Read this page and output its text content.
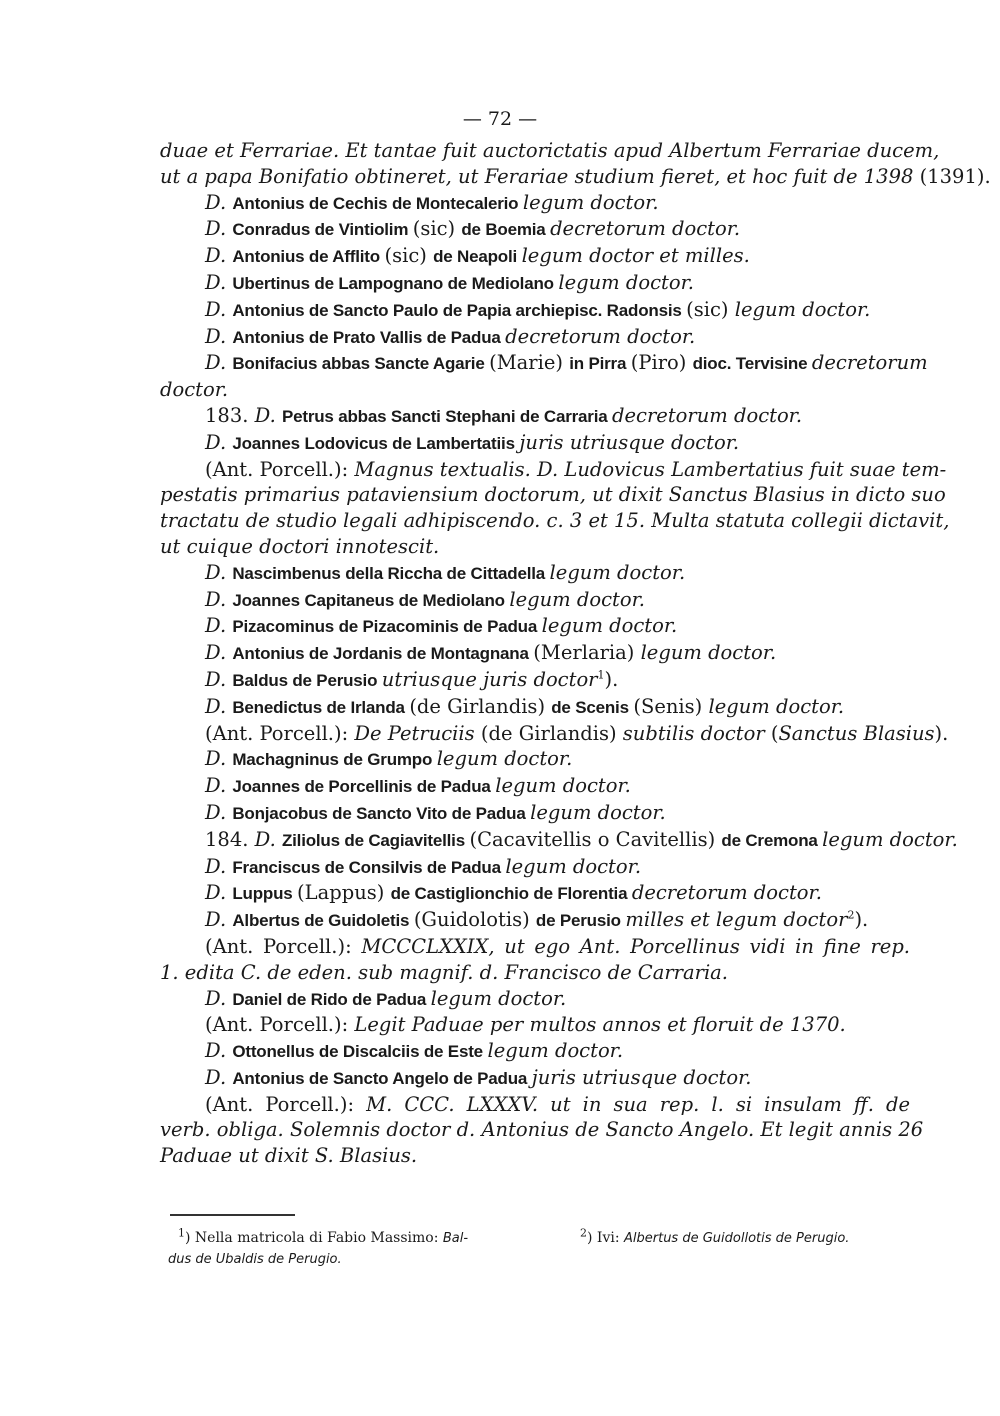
— 72 —
duae et Ferrariae. Et tantae fuit auctorictatis apud Albertum Ferrariae ducem,
ut a papa Bonifatio obtineret, ut Ferariae studium fieret, et hoc fuit de 1398 (1391).
D. Antonius de Cechis de Montecalerio legum doctor.
D. Conradus de Vintiolim (sic) de Boemia decretorum doctor.
D. Antonius de Afflito (sic) de Neapoli legum doctor et milles.
D. Ubertinus de Lampognano de Mediolano legum doctor.
D. Antonius de Sancto Paulo de Papia archiepisc. Radonsis (sic) legum doctor.
D. Antonius de Prato Vallis de Padua decretorum doctor.
D. Bonifacius abbas Sancte Agarie (Marie) in Pirra (Piro) dioc. Tervisine decretorum
doctor.
183. D. Petrus abbas Sancti Stephani de Carraria decretorum doctor.
D. Joannes Lodovicus de Lambertatiis juris utriusque doctor.
(Ant. Porcell.): Magnus textualis. D. Ludovicus Lambertatius fuit suae tem-
pestatis primarius pataviensium doctorum, ut dixit Sanctus Blasius in dicto suo
tractatu de studio legali adhipiscendo. c. 3 et 15. Multa statuta collegii dictavit,
ut cuique doctori innotescit.
D. Nascimbenus della Riccha de Cittadella legum doctor.
D. Joannes Capitaneus de Mediolano legum doctor.
D. Pizacominus de Pizacominis de Padua legum doctor.
D. Antonius de Jordanis de Montagnana (Merlaria) legum doctor.
D. Baldus de Perusio utriusque juris doctor$^1$).
D. Benedictus de Irlanda (de Girlandis) de Scenis (Senis) legum doctor.
(Ant. Porcell.): De Petruciis (de Girlandis) subtilis doctor (Sanctus Blasius).
D. Machagninus de Grumpo legum doctor.
D. Joannes de Porcellinis de Padua legum doctor.
D. Bonjacobus de Sancto Vito de Padua legum doctor.
184. D. Ziliolus de Cagiavitellis (Cacavitellis o Cavitellis) de Cremona legum doctor.
D. Franciscus de Consilvis de Padua legum doctor.
D. Luppus (Lappus) de Castiglionchio de Florentia decretorum doctor.
D. Albertus de Guidoletis (Guidolotis) de Perusio milles et legum doctor$^2$).
(Ant. Porcell.): MCCCLXXIX, ut ego Ant. Porcellinus vidi in fine rep.
1. edita C. de eden. sub magnif. d. Francisco de Carraria.
D. Daniel de Rido de Padua legum doctor.
(Ant. Porcell.): Legit Paduae per multos annos et floruit de 1370.
D. Ottonellus de Discalciis de Este legum doctor.
D. Antonius de Sancto Angelo de Padua juris utriusque doctor.
(Ant. Porcell.): M. CCC. LXXXV. ut in sua rep. l. si insulam ff. de
verb. obliga. Solemnis doctor d. Antonius de Sancto Angelo. Et legit annis 26
Paduae ut dixit S. Blasius.
$^1$) Nella matricola di Fabio Massimo: Bal-
dus de Ubaldis de Perugio.
$^2$) Ivi: Albertus de Guidollotis de Perugio.
